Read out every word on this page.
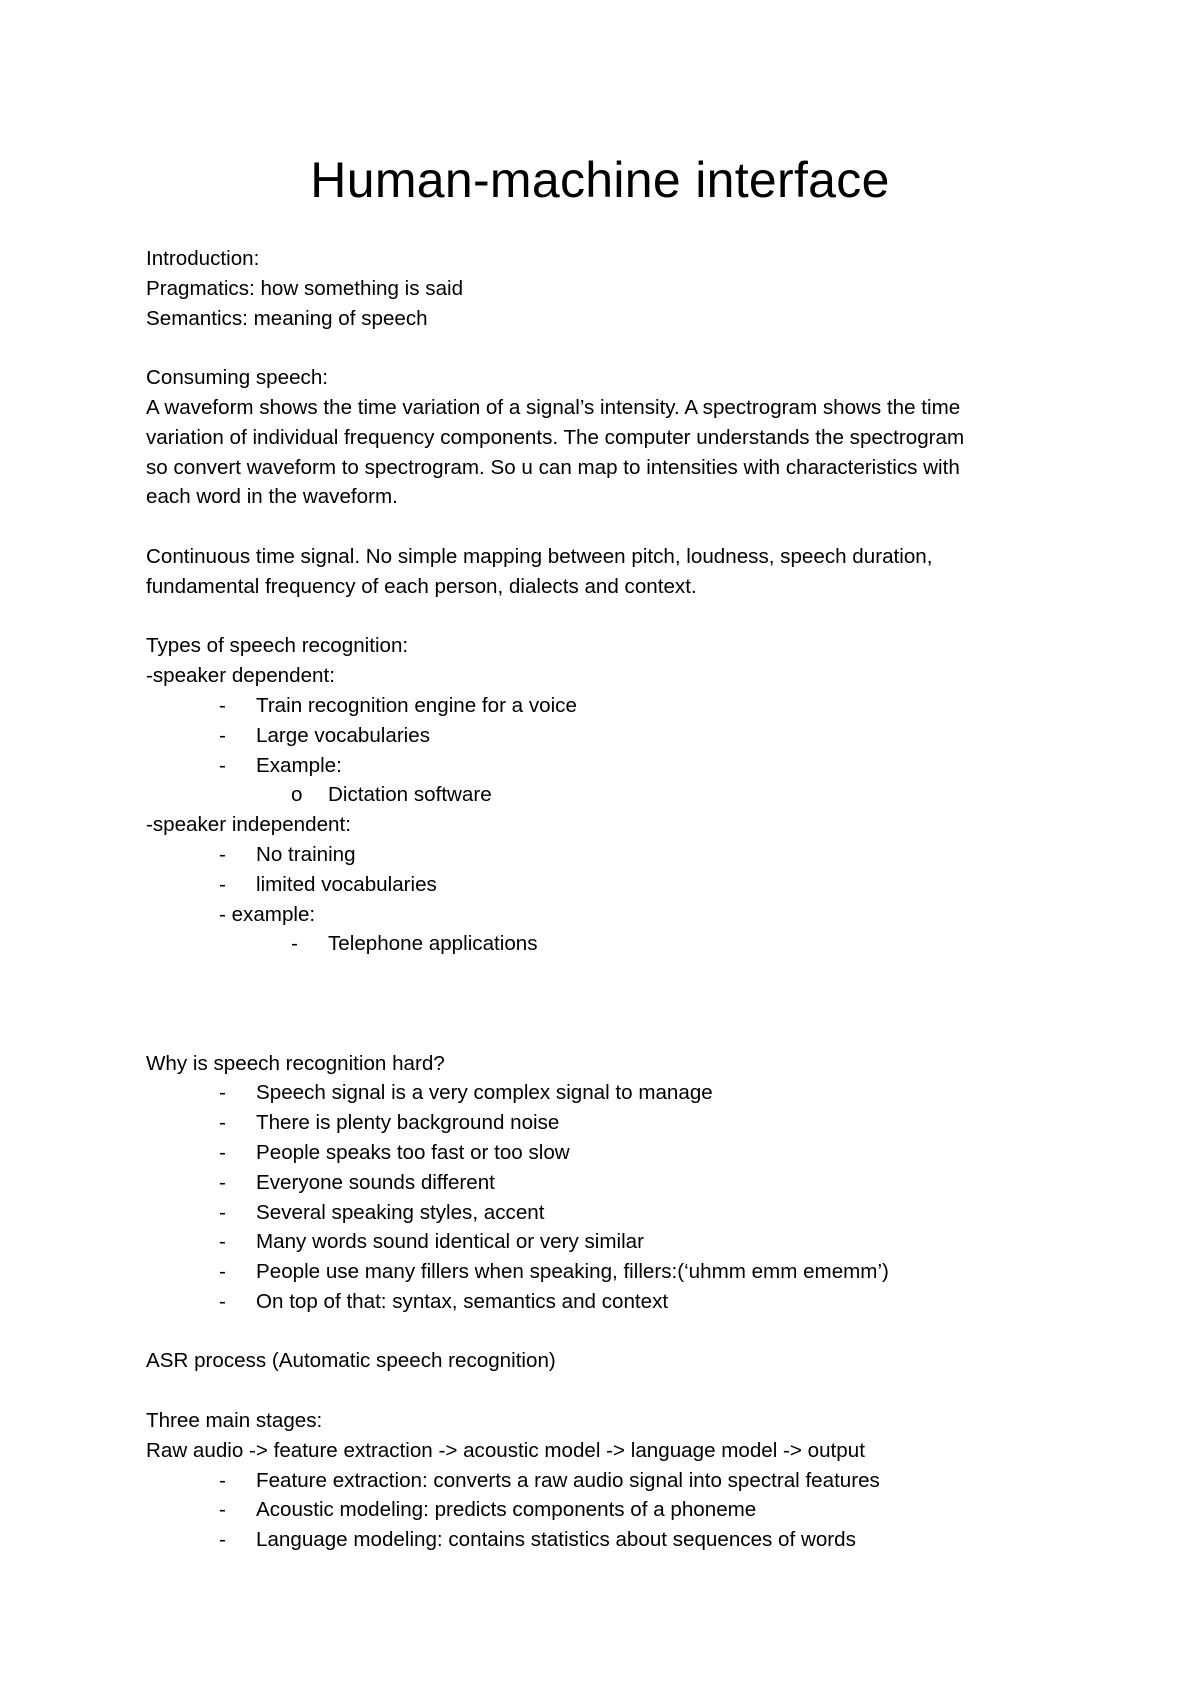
Human-machine interface

Introduction:

Pragmatics: how something is said

Semantics: meaning of speech

Consuming speech:

A waveform shows the time variation of a signal’s intensity. A spectrogram shows the time

variation of individual frequency components. The computer understands the spectrogram

so convert waveform to spectrogram. So u can map to intensities with characteristics with

each word in the waveform.

Continuous time signal. No simple mapping between pitch, loudness, speech duration,

fundamental frequency of each person, dialects and context.

Types of speech recognition:

-speaker dependent:

- Train recognition engine for a voice
- Large vocabularies
- Example:
o Dictation software

-speaker independent:

- No training
- limited vocabularies

- example:

- Telephone applications

Why is speech recognition hard?

- Speech signal is a very complex signal to manage
- There is plenty background noise
- People speaks too fast or too slow
- Everyone sounds different
- Several speaking styles, accent
- Many words sound identical or very similar
- People use many fillers when speaking, fillers:(‘uhmm emm ememm’)
- On top of that: syntax, semantics and context

ASR process (Automatic speech recognition)

Three main stages:

Raw audio -> feature extraction -> acoustic model -> language model -> output

- Feature extraction: converts a raw audio signal into spectral features
- Acoustic modeling: predicts components of a phoneme
- Language modeling: contains statistics about sequences of words
